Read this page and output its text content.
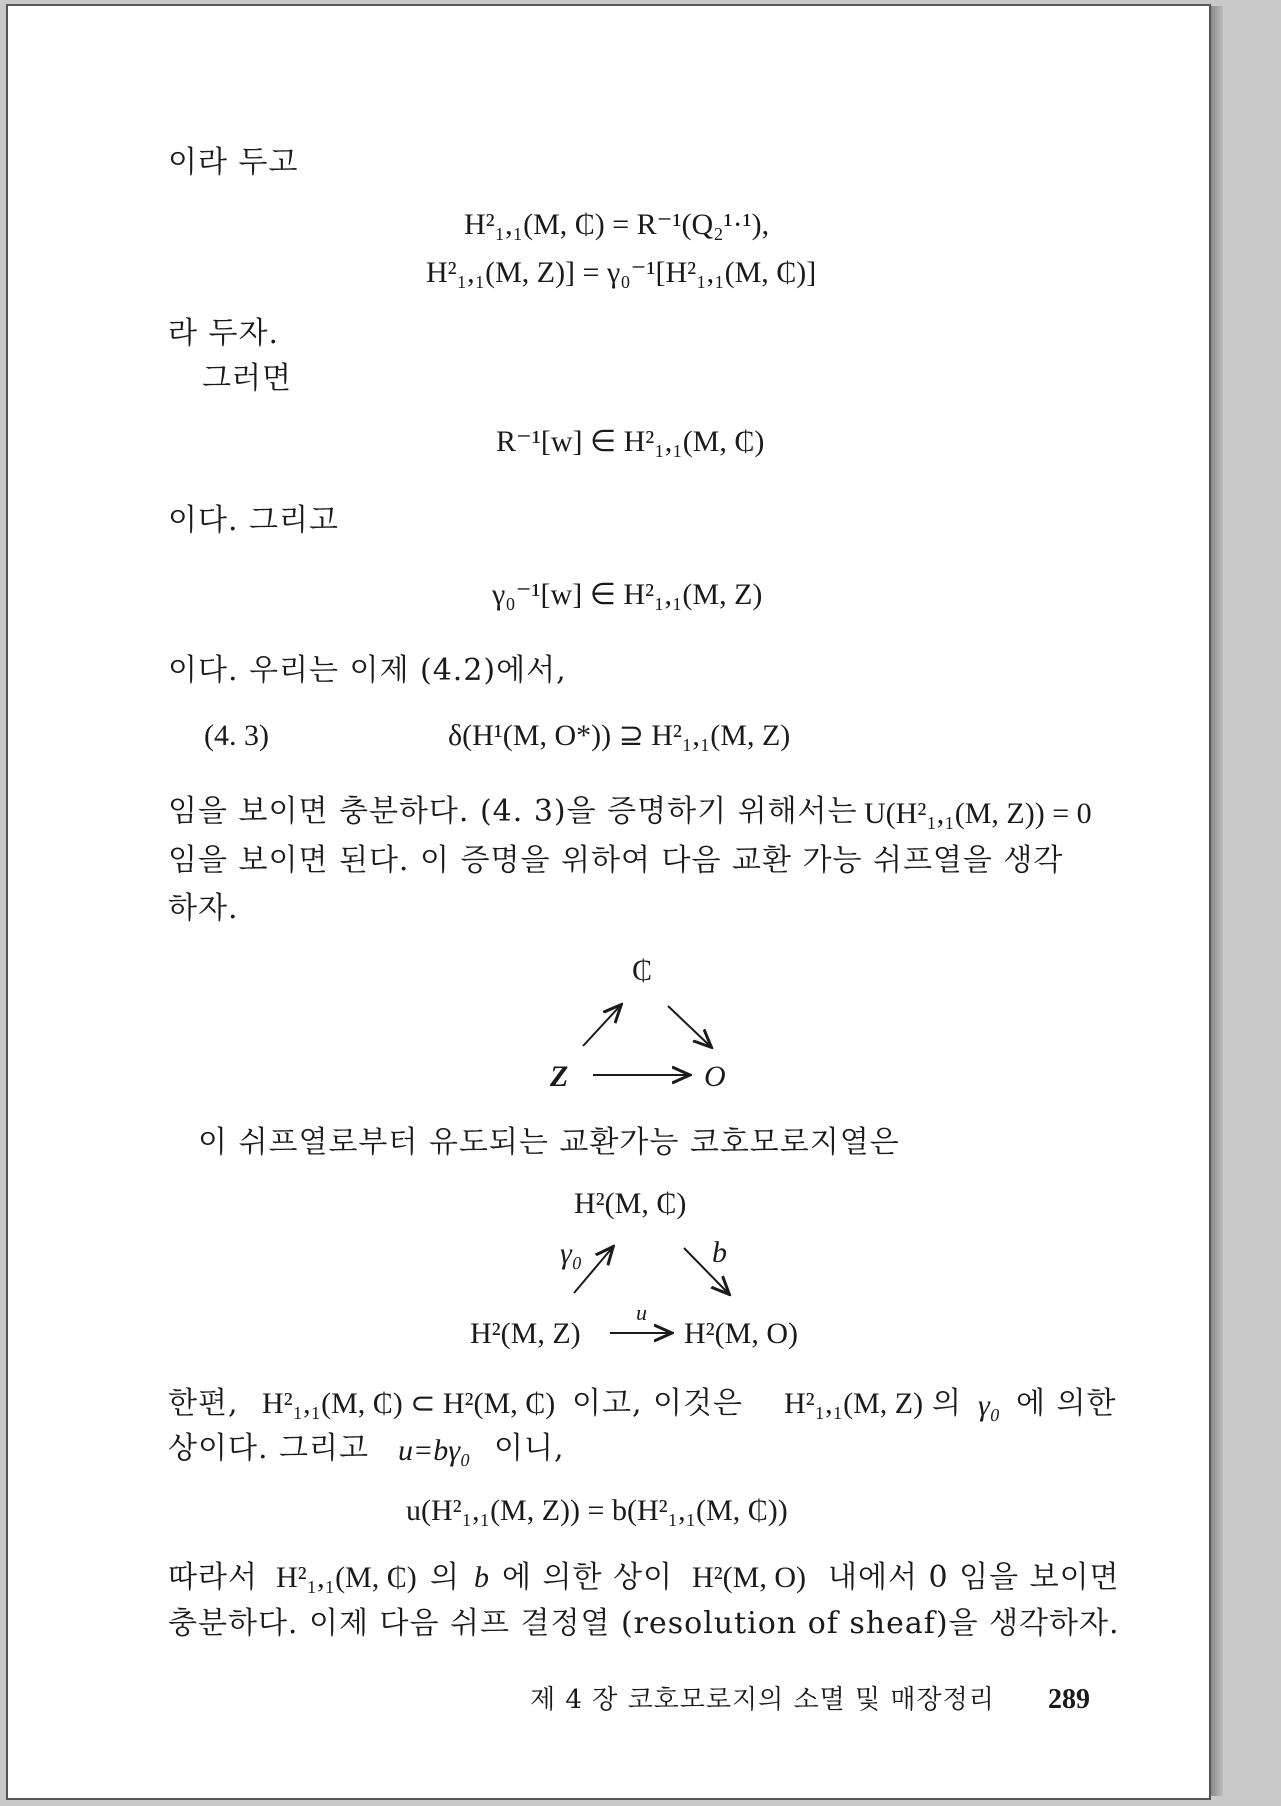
이라 두고
H²₁,₁(M, ₵) = R⁻¹(Q₂¹·¹),
H²₁,₁(M, Z)] = γ₀⁻¹[H²₁,₁(M, ₵)]
라 두자.
그러면
R⁻¹[w] ∈ H²₁,₁(M, ₵)
이다. 그리고
γ₀⁻¹[w] ∈ H²₁,₁(M, Z)
이다. 우리는 이제 (4.2)에서,
(4. 3)	δ(H¹(M, O*)) ⊇ H²₁,₁(M, Z)
임을 보이면 충분하다. (4. 3)을 증명하기 위해서는 U(H²₁,₁(M, Z)) = 0
임을 보이면 된다. 이 증명을 위하여 다음 교환 가능 쉬프열을 생각
하자.
₵
Z	O
이 쉬프열로부터 유도되는 교환가능 코호모로지열은
H²(M, ₵)
γ₀	b
u
H²(M, Z)	H²(M, O)
한편, H²₁,₁(M, ₵) ⊂ H²(M, ₵) 이고, 이것은 H²₁,₁(M, Z) 의 γ₀ 에 의한
상이다. 그리고 u=bγ₀ 이니,
u(H²₁,₁(M, Z)) = b(H²₁,₁(M, ₵))
따라서 H²₁,₁(M, ₵) 의 b 에 의한 상이 H²(M, O) 내에서 0 임을 보이면
충분하다. 이제 다음 쉬프 결정열 (resolution of sheaf)을 생각하자.
제 4 장 코호모로지의 소멸 및 매장정리 289
